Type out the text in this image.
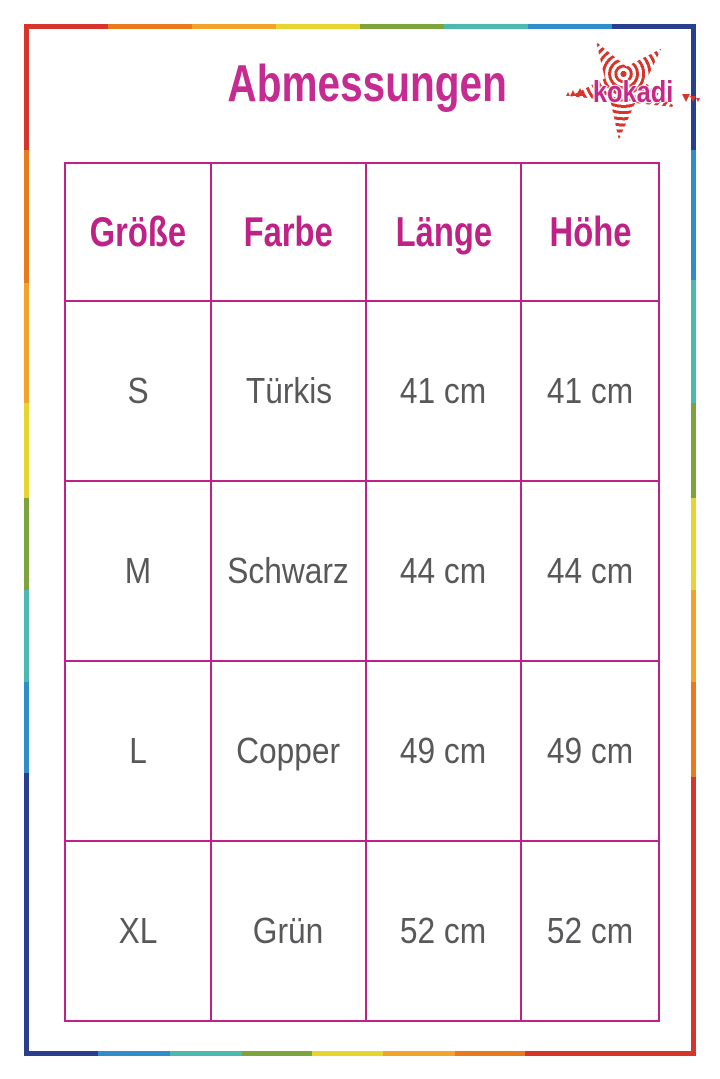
Abmessungen	kokadi
Größe	Farbe	Länge	Höhe
S	Türkis	41 cm	41 cm
M	Schwarz	44 cm	44 cm
L	Copper	49 cm	49 cm
XL	Grün	52 cm	52 cm
